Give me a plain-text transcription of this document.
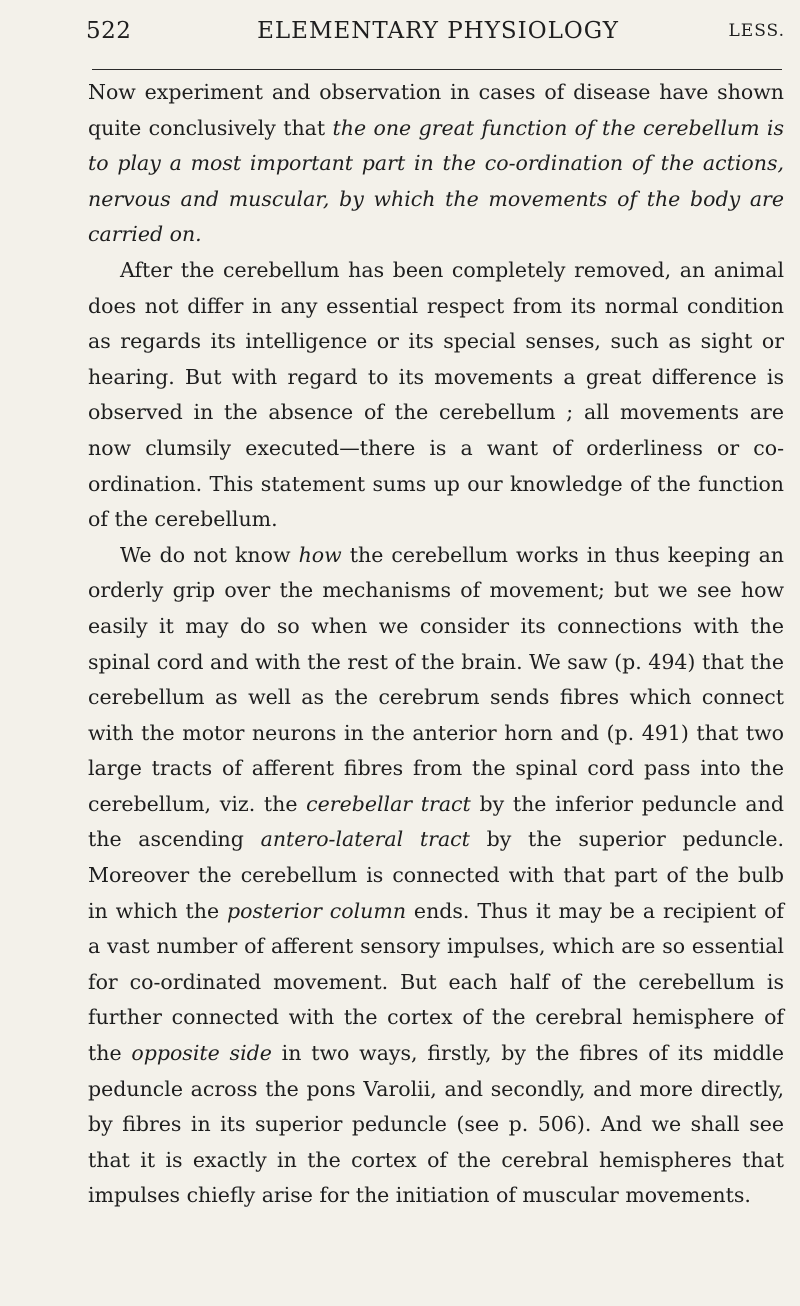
522	ELEMENTARY PHYSIOLOGY	LESS.

Now experiment and observation in cases of disease have shown quite conclusively that the one great function of the cerebellum is to play a most important part in the co-ordination of the actions, nervous and muscular, by which the movements of the body are carried on.

After the cerebellum has been completely removed, an animal does not differ in any essential respect from its normal condition as regards its intelligence or its special senses, such as sight or hearing. But with regard to its movements a great difference is observed in the absence of the cerebellum ; all movements are now clumsily executed—there is a want of orderliness or co-ordination. This statement sums up our knowledge of the function of the cerebellum.

We do not know how the cerebellum works in thus keeping an orderly grip over the mechanisms of movement; but we see how easily it may do so when we consider its connections with the spinal cord and with the rest of the brain. We saw (p. 494) that the cerebellum as well as the cerebrum sends fibres which connect with the motor neurons in the anterior horn and (p. 491) that two large tracts of afferent fibres from the spinal cord pass into the cerebellum, viz. the cerebellar tract by the inferior peduncle and the ascending antero-lateral tract by the superior peduncle. Moreover the cerebellum is connected with that part of the bulb in which the posterior column ends. Thus it may be a recipient of a vast number of afferent sensory impulses, which are so essential for co-ordinated movement. But each half of the cerebellum is further connected with the cortex of the cerebral hemisphere of the opposite side in two ways, firstly, by the fibres of its middle peduncle across the pons Varolii, and secondly, and more directly, by fibres in its superior peduncle (see p. 506). And we shall see that it is exactly in the cortex of the cerebral hemispheres that impulses chiefly arise for the initiation of muscular movements.
